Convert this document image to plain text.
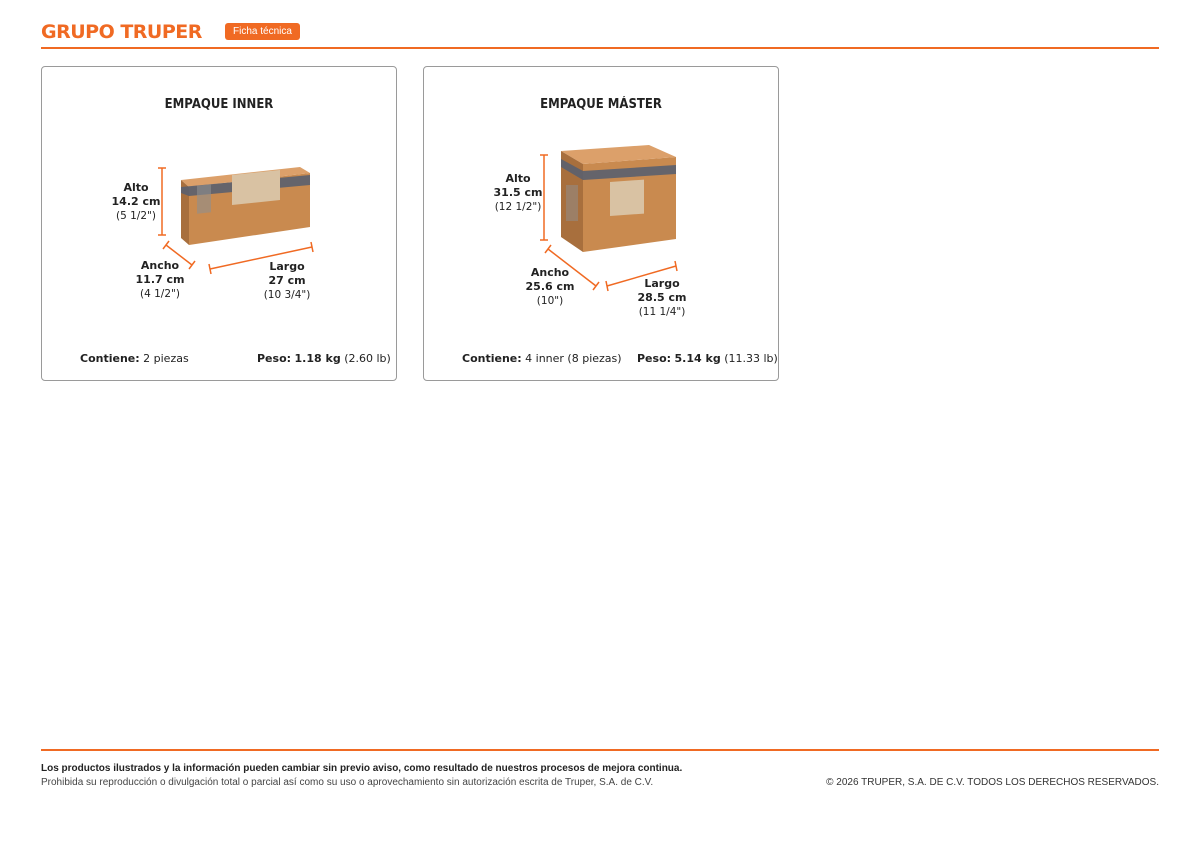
GRUPO TRUPER	Ficha técnica
EMPAQUE INNER
Alto
14.2 cm
(5 1/2")
Ancho
11.7 cm
(4 1/2")
Largo
27 cm
(10 3/4")
Contiene: 2 piezas	Peso: 1.18 kg (2.60 lb)
EMPAQUE MÁSTER
Alto
31.5 cm
(12 1/2")
Ancho
25.6 cm
(10")
Largo
28.5 cm
(11 1/4")
Contiene: 4 inner (8 piezas) Peso: 5.14 kg (11.33 lb)
Los productos ilustrados y la información pueden cambiar sin previo aviso, como resultado de nuestros procesos de mejora continua.
Prohibida su reproducción o divulgación total o parcial así como su uso o aprovechamiento sin autorización escrita de Truper, S.A. de C.V.	© 2026 TRUPER, S.A. DE C.V. TODOS LOS DERECHOS RESERVADOS.
